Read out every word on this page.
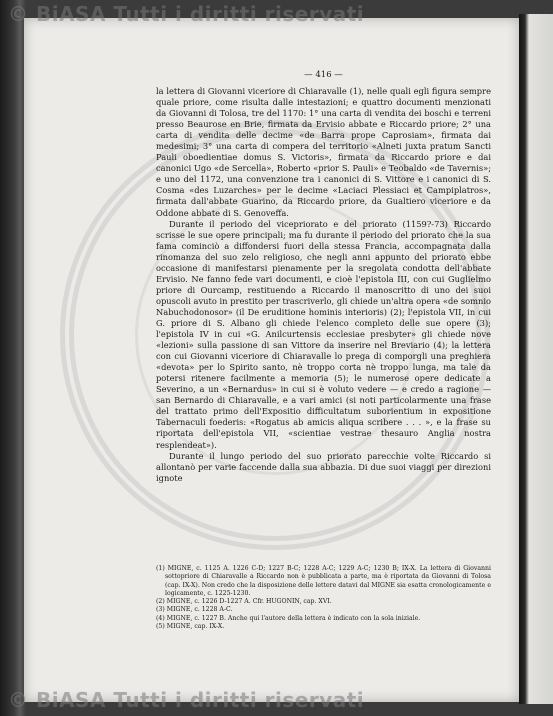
© BiASA Tutti i diritti riservati
— 416 —

la lettera di Giovanni viceriore di Chiaravalle (1), nelle quali egli figura sempre quale priore, come risulta dalle intestazioni; e quattro documenti menzionati da Giovanni di Tolosa, tre del 1170: 1° una carta di vendita dei boschi e terreni presso Beaurose en Brie, firmata da Ervisio abbate e Riccardo priore; 2° una carta di vendita delle decime «de Barra prope Caprosiam», firmata dai medesimi; 3° una carta di compera del territorio «Alneti juxta pratum Sancti Pauli oboedientiae domus S. Victoris», firmata da Riccardo priore e dai canonici Ugo «de Sercella», Roberto «prior S. Pauli» e Teobaldo «de Tavernis»; e uno del 1172, una convenzione tra i canonici di S. Vittore e i canonici di S. Cosma «des Luzarches» per le decime «Laciaci Plessiaci et Campiplatros», firmata dall'abbate Guarino, da Riccardo priore, da Gualtiero viceriore e da Oddone abbate di S. Genoveffa.

Durante il periodo del vicepriorato e del priorato (1159?-73) Riccardo scrisse le sue opere principali; ma fu durante il periodo del priorato che la sua fama cominciò a diffondersi fuori della stessa Francia, accompagnata dalla rinomanza del suo zelo religioso, che negli anni appunto del priorato ebbe occasione di manifestarsi pienamente per la sregolata condotta dell'abbate Ervisio. Ne fanno fede vari documenti, e cioè l'epistola III, con cui Guglielmo priore di Ourcamp, restituendo a Riccardo il manoscritto di uno dei suoi opuscoli avuto in prestito per trascriverlo, gli chiede un'altra opera «de somnio Nabuchodonosor» (il De eruditione hominis interioris) (2); l'epistola VII, in cui G. priore di S. Albano gli chiede l'elenco completo delle sue opere (3); l'epistola IV in cui «G. Anilcurtensis ecclesiae presbyter» gli chiede nove «lezioni» sulla passione di san Vittore da inserire nel Breviario (4); la lettera con cui Giovanni viceriore di Chiaravalle lo prega di comporgli una preghiera «devota» per lo Spirito santo, nè troppo corta nè troppo lunga, ma tale da potersi ritenere facilmente a memoria (5); le numerose opere dedicate a Severino, a un «Bernardus» in cui si è voluto vedere — e credo a ragione — san Bernardo di Chiaravalle, e a vari amici (si noti particolarmente una frase del trattato primo dell'Expositio difficultatum suborientium in expositione Tabernaculi foederis: «Rogatus ab amicis aliqua scribere . . . », e la frase su riportata dell'epistola VII, «scientiae vestrae thesauro Anglia nostra resplendeat»).

Durante il lungo periodo del suo priorato parecchie volte Riccardo si allontanò per varie faccende dalla sua abbazia. Di due suoi viaggi per direzioni ignote

(1) MIGNE, c. 1125 A. 1226 C-D; 1227 B-C; 1228 A-C; 1229 A-C; 1230 B; IX-X. La lettera di Giovanni sottopriore di Chiaravalle a Riccardo non è pubblicata a parte, ma è riportata da Giovanni di Tolosa (cap. IX-X). Non credo che la disposizione delle lettere datavi dal MIGNE sia esatta cronologicamente e logicamente, c. 1225-1230.

(2) MIGNE, c. 1226 D-1227 A. Cfr. HUGONIN, cap. XVI.

(3) MIGNE, c. 1228 A-C.

(4) MIGNE, c. 1227 B. Anche qui l'autore della lettera è indicato con la sola iniziale.

(5) MIGNE, cap. IX-X.

© BiASA Tutti i diritti riservati
